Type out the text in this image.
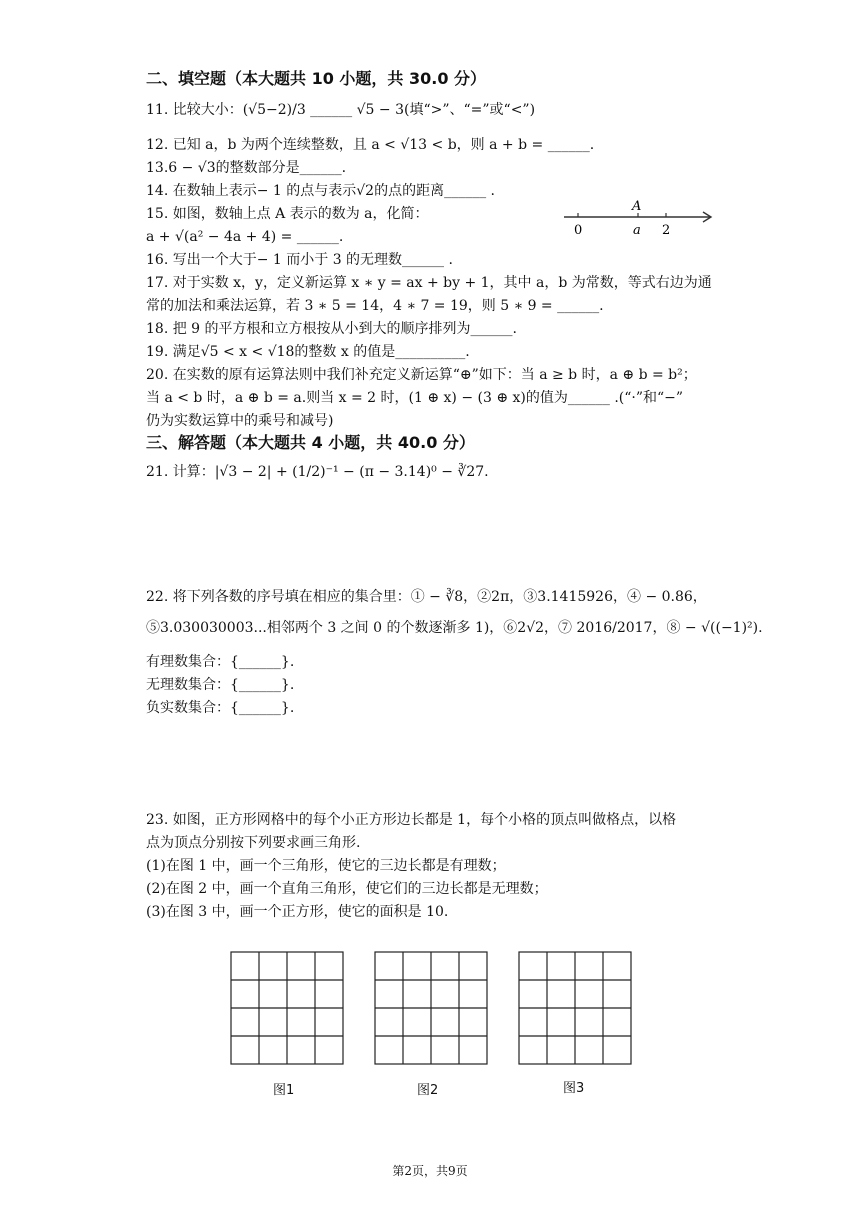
二、填空题（本大题共 10 小题，共 30.0 分）
11. 比较大小：(√5−2)/3 ______ √5 − 3(填“>”、“=”或“<”)
12. 已知 a，b 为两个连续整数，且 a < √13 < b，则 a + b = ______.
13.6 − √3的整数部分是______.
14. 在数轴上表示− 1 的点与表示√2的点的距离______ .
15. 如图，数轴上点 A 表示的数为 a，化简：
a + √(a² − 4a + 4) = ______.	0	a
A
2
16. 写出一个大于− 1 而小于 3 的无理数______ .
17. 对于实数 x，y，定义新运算 x ∗ y = ax + by + 1，其中 a，b 为常数，等式右边为通
常的加法和乘法运算，若 3 ∗ 5 = 14，4 ∗ 7 = 19，则 5 ∗ 9 = ______.
18. 把 9 的平方根和立方根按从小到大的顺序排列为______.
19. 满足√5 < x < √18的整数 x 的值是__________.
20. 在实数的原有运算法则中我们补充定义新运算“⊕”如下：当 a ≥ b 时，a ⊕ b = b²；
当 a < b 时，a ⊕ b = a.则当 x = 2 时，(1 ⊕ x) − (3 ⊕ x)的值为______ .(“·”和“−”
仍为实数运算中的乘号和减号)
三、解答题（本大题共 4 小题，共 40.0 分）
21. 计算：|√3 − 2| + (1/2)⁻¹ − (π − 3.14)⁰ − ∛27.
22. 将下列各数的序号填在相应的集合里：① − ∛8，②2π，③3.1415926，④ − 0.86，
⑤3.030030003...相邻两个 3 之间 0 的个数逐渐多 1)，⑥2√2，⑦ 2016/2017，⑧ − √((−1)²).
有理数集合：{______}.
无理数集合：{______}.
负实数集合：{______}.
23. 如图，正方形网格中的每个小正方形边长都是 1，每个小格的顶点叫做格点，以格
点为顶点分别按下列要求画三角形.
(1)在图 1 中，画一个三角形，使它的三边长都是有理数；
(2)在图 2 中，画一个直角三角形，使它们的三边长都是无理数；
(3)在图 3 中，画一个正方形，使它的面积是 10.
图1	图2	图3
第2页，共9页
